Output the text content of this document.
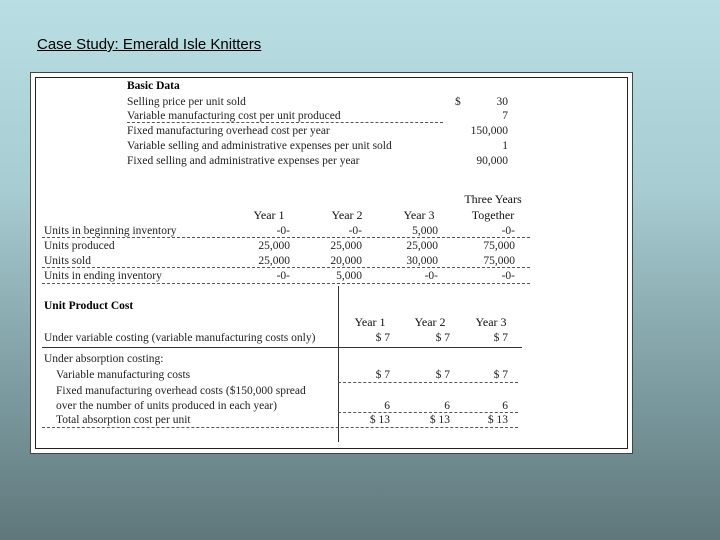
Case Study: Emerald Isle Knitters
Basic Data
Selling price per unit sold	$	30
Variable manufacturing cost per unit produced	7
Fixed manufacturing overhead cost per year	150,000
Variable selling and administrative expenses per unit sold	1
Fixed selling and administrative expenses per year	90,000
Three Years
Together
Year 1	Year 2	Year 3
Units in beginning inventory	-0-	-0-	5,000	-0-
Units produced	25,000	25,000	25,000	75,000
Units sold	25,000	20,000	30,000	75,000
Units in ending inventory	-0-	5,000	-0-	-0-
Unit Product Cost
Year 1	Year 2	Year 3
Under variable costing (variable manufacturing costs only)	$ 7	$ 7	$ 7
Under absorption costing:
Variable manufacturing costs	$ 7	$ 7	$ 7
Fixed manufacturing overhead costs ($150,000 spread
over the number of units produced in each year)	6	6	6
Total absorption cost per unit	$ 13	$ 13	$ 13
